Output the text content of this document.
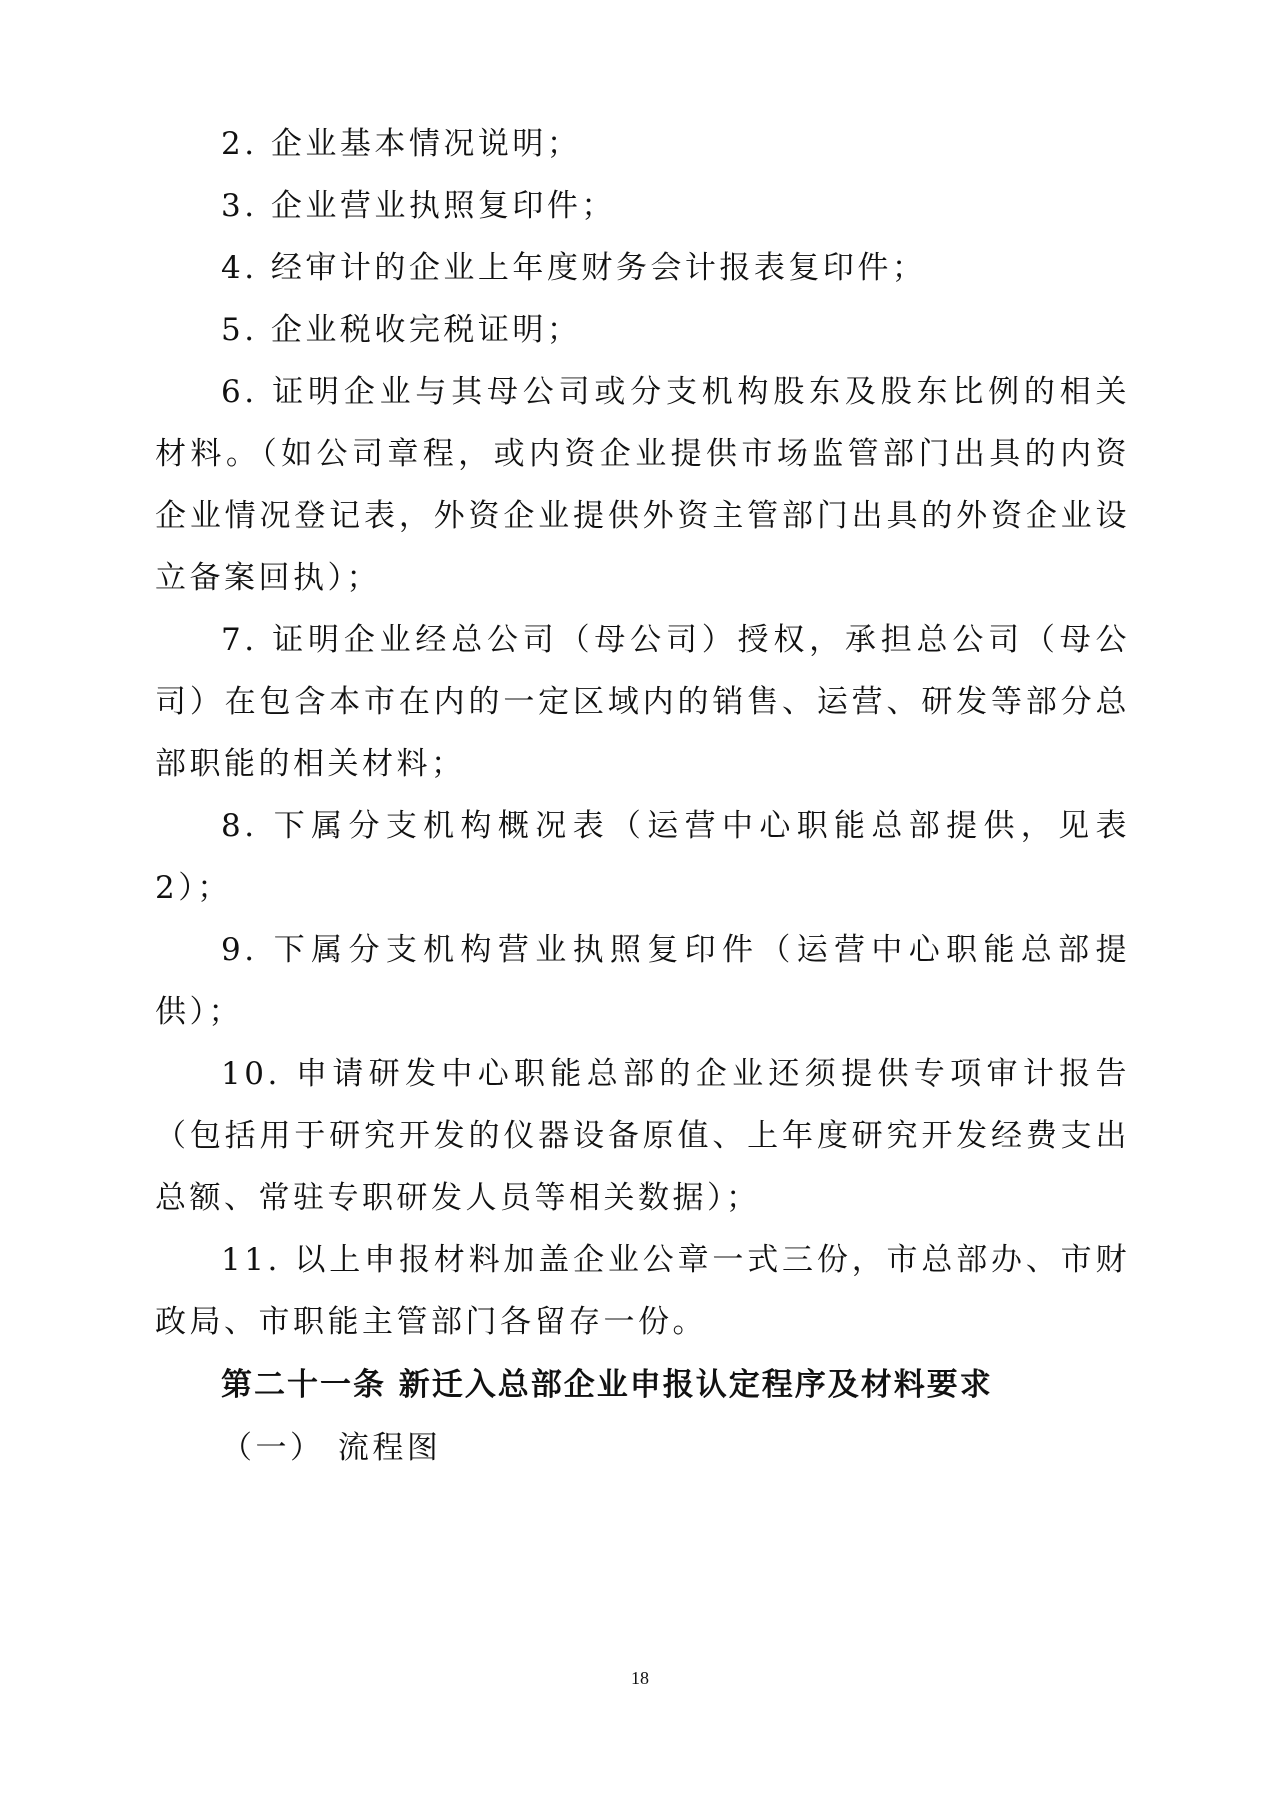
2. 企业基本情况说明；

3. 企业营业执照复印件；

4. 经审计的企业上年度财务会计报表复印件；

5. 企业税收完税证明；

6. 证明企业与其母公司或分支机构股东及股东比例的相关材料。（如公司章程，或内资企业提供市场监管部门出具的内资企业情况登记表，外资企业提供外资主管部门出具的外资企业设立备案回执）；

7. 证明企业经总公司（母公司）授权，承担总公司（母公司）在包含本市在内的一定区域内的销售、运营、研发等部分总部职能的相关材料；

8. 下属分支机构概况表（运营中心职能总部提供，见表2）；

9. 下属分支机构营业执照复印件（运营中心职能总部提供）；

10. 申请研发中心职能总部的企业还须提供专项审计报告（包括用于研究开发的仪器设备原值、上年度研究开发经费支出总额、常驻专职研发人员等相关数据）；

11. 以上申报材料加盖企业公章一式三份，市总部办、市财政局、市职能主管部门各留存一份。

第二十一条 新迁入总部企业申报认定程序及材料要求

（一） 流程图

18
